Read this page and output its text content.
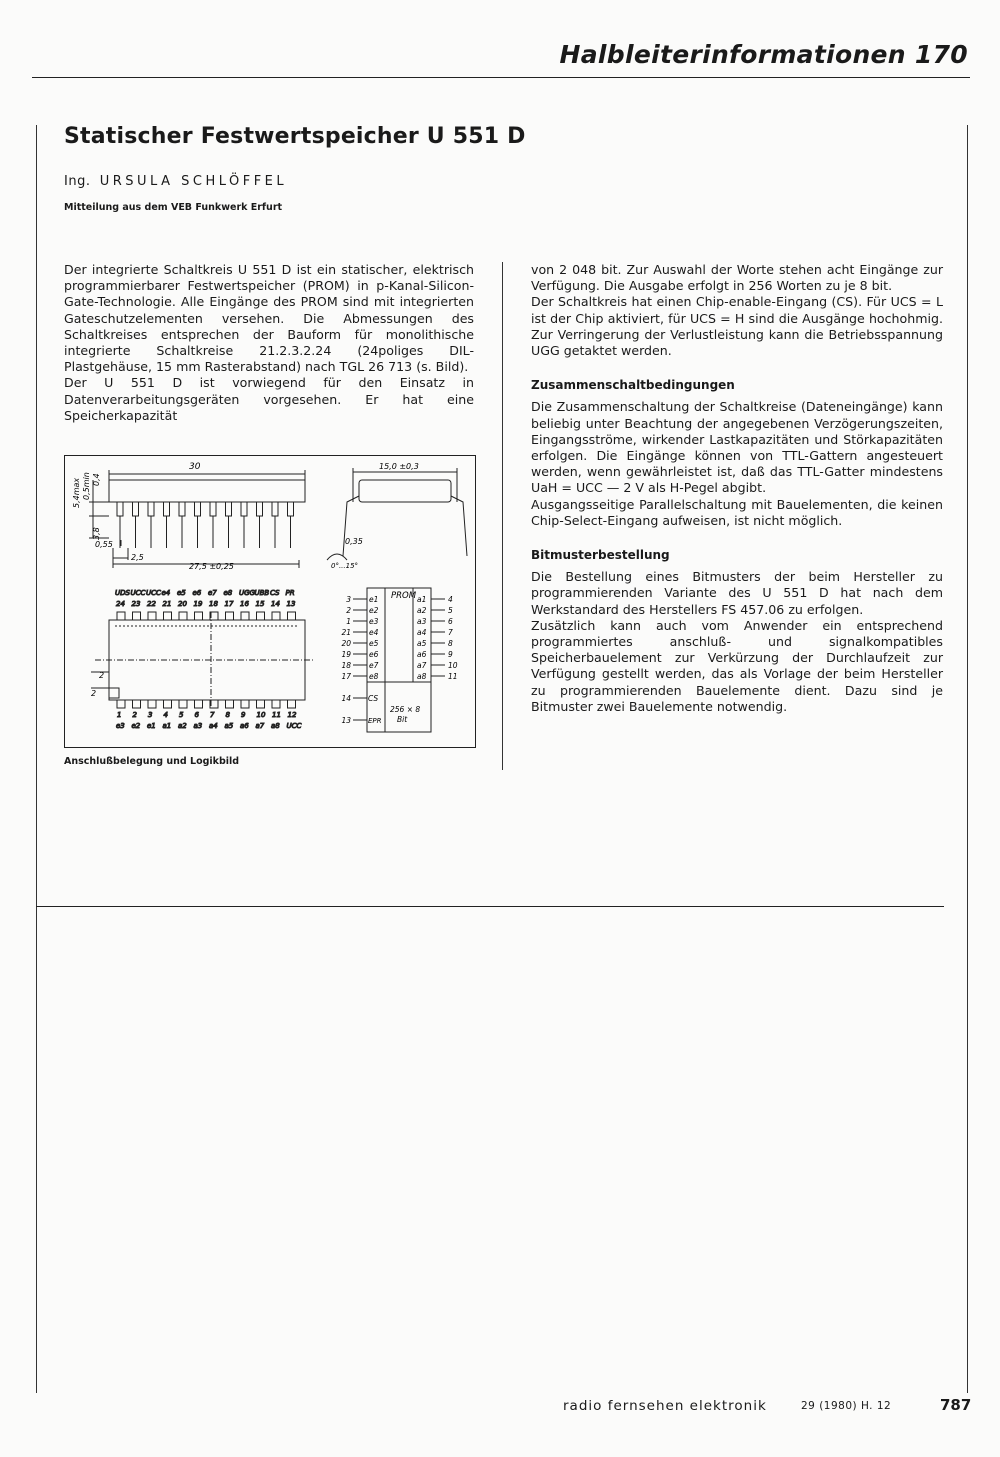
Halbleiterinformationen 170
Statischer Festwertspeicher U 551 D
Ing. URSULA SCHLÖFFEL
Mitteilung aus dem VEB Funkwerk Erfurt

Der integrierte Schaltkreis U 551 D ist ein statischer, elektrisch programmierbarer Festwertspeicher (PROM) in p-Kanal-Silicon-Gate-Technologie. Alle Eingänge des PROM sind mit integrierten Gateschutzelementen versehen. Die Abmessungen des Schaltkreises entsprechen der Bauform für monolithische integrierte Schaltkreise 21.2.3.2.24 (24poliges DIL-Plastgehäuse, 15 mm Rasterabstand) nach TGL 26 713 (s. Bild).

Der U 551 D ist vorwiegend für den Einsatz in Datenverarbeitungsgeräten vorgesehen. Er hat eine Speicherkapazität

30
5,4max 0,5min 0,4
3,8
0,55
2,5
27,5 ±0,25
15,0 ±0,3
0,35
0°...15°
UDS
24
UCC
23
UCC
22
e4
21
e5
20
e6
19
e7
18
e8
17
UGG
16
UBB
15
CS
14
PR
13
1
e3
2
e2
3
e1
4
a1
5
a2
6
a3
7
a4
8
a5
9
a6
10
a7
11
a8
12
UCC
2
2
3 e1	a1	4
2 e2	a2	5
1 e3	a3	6
21 e4	a4	7
20 e5	a5	8
19 e6	a6	9
18 e7	a7	10
17 e8	a8	11
14 CS
13 EPR
PROM
256 × 8
Bit
Anschlußbelegung und Logikbild

von 2 048 bit. Zur Auswahl der Worte stehen acht Eingänge zur Verfügung. Die Ausgabe erfolgt in 256 Worten zu je 8 bit.

Der Schaltkreis hat einen Chip-enable-Eingang (CS). Für UCS = L ist der Chip aktiviert, für UCS = H sind die Ausgänge hochohmig. Zur Verringerung der Verlustleistung kann die Betriebsspannung UGG getaktet werden.

Zusammenschaltbedingungen

Die Zusammenschaltung der Schaltkreise (Dateneingänge) kann beliebig unter Beachtung der angegebenen Verzögerungszeiten, Eingangsströme, wirkender Lastkapazitäten und Störkapazitäten erfolgen. Die Eingänge können von TTL-Gattern angesteuert werden, wenn gewährleistet ist, daß das TTL-Gatter mindestens UaH = UCC — 2 V als H-Pegel abgibt.

Ausgangsseitige Parallelschaltung mit Bauelementen, die keinen Chip-Select-Eingang aufweisen, ist nicht möglich.

Bitmusterbestellung

Die Bestellung eines Bitmusters der beim Hersteller zu programmierenden Variante des U 551 D hat nach dem Werkstandard des Herstellers FS 457.06 zu erfolgen.

Zusätzlich kann auch vom Anwender ein entsprechend programmiertes anschluß- und signalkompatibles Speicherbauelement zur Verkürzung der Durchlaufzeit zur Verfügung gestellt werden, das als Vorlage der beim Hersteller zu programmierenden Bauelemente dient. Dazu sind je Bitmuster zwei Bauelemente notwendig.

radio fernsehen elektronik	29 (1980) H. 12	787
